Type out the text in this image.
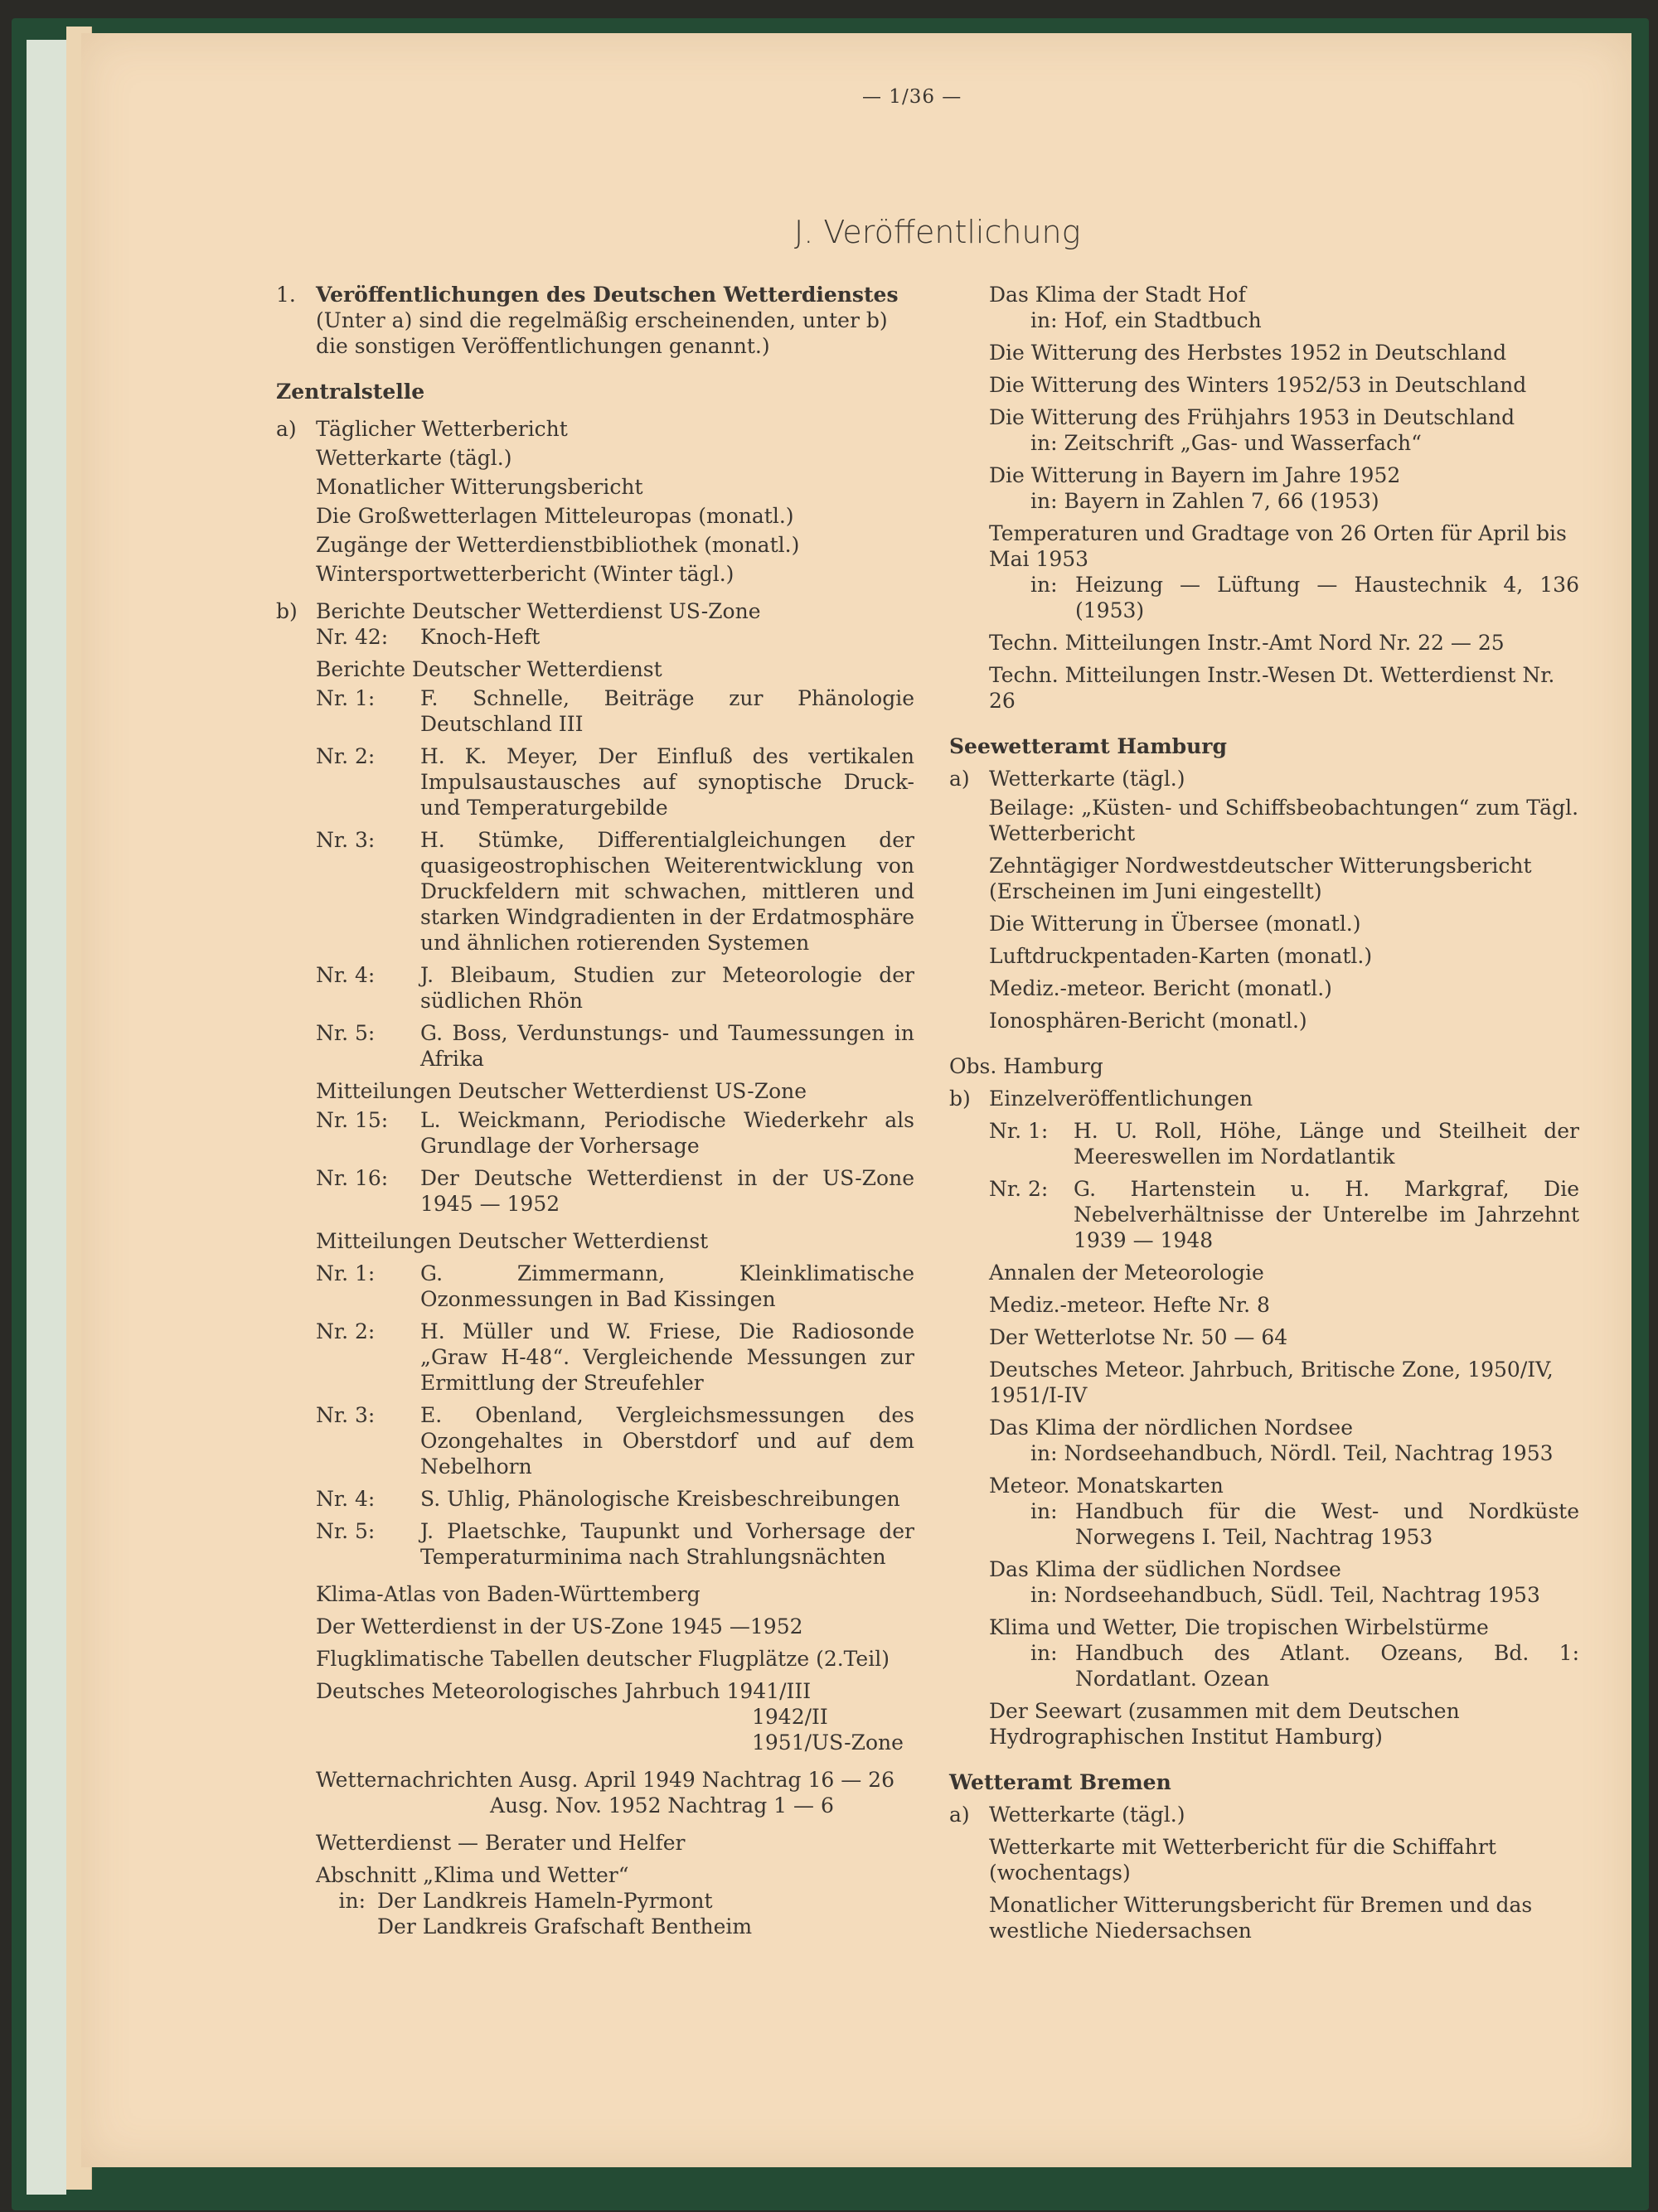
— 1/36 —
J. Veröffentlichung
1. Veröffentlichungen des Deutschen Wetterdienstes

(Unter a) sind die regelmäßig erscheinenden, unter b) die sonstigen Veröffentlichungen genannt.)

Zentralstelle

a) Täglicher Wetterbericht

Wetterkarte (tägl.)

Monatlicher Witterungsbericht

Die Großwetterlagen Mitteleuropas (monatl.)

Zugänge der Wetterdienstbibliothek (monatl.)

Wintersportwetterbericht (Winter tägl.)

b) Berichte Deutscher Wetterdienst US-Zone
Nr. 42:	Knoch-Heft

Berichte Deutscher Wetterdienst

Nr. 1:	F. Schnelle, Beiträge zur Phänologie Deutschland III
Nr. 2:	H. K. Meyer, Der Einfluß des vertikalen Impulsaustausches auf synoptische Druck- und Temperaturgebilde
Nr. 3:	H. Stümke, Differentialgleichungen der quasigeostrophischen Weiterentwicklung von Druckfeldern mit schwachen, mittleren und starken Windgradienten in der Erdatmosphäre und ähnlichen rotierenden Systemen
Nr. 4:	J. Bleibaum, Studien zur Meteorologie der südlichen Rhön
Nr. 5:	G. Boss, Verdunstungs- und Taumessungen in Afrika

Mitteilungen Deutscher Wetterdienst US-Zone

Nr. 15:	L. Weickmann, Periodische Wiederkehr als Grundlage der Vorhersage
Nr. 16:	Der Deutsche Wetterdienst in der US-Zone 1945 — 1952

Mitteilungen Deutscher Wetterdienst

Nr. 1:	G. Zimmermann, Kleinklimatische Ozonmessungen in Bad Kissingen
Nr. 2:	H. Müller und W. Friese, Die Radiosonde „Graw H-48“. Vergleichende Messungen zur Ermittlung der Streufehler
Nr. 3:	E. Obenland, Vergleichsmessungen des Ozongehaltes in Oberstdorf und auf dem Nebelhorn
Nr. 4:	S. Uhlig, Phänologische Kreisbeschreibungen
Nr. 5:	J. Plaetschke, Taupunkt und Vorhersage der Temperaturminima nach Strahlungsnächten

Klima-Atlas von Baden-Württemberg

Der Wetterdienst in der US-Zone 1945 —1952

Flugklimatische Tabellen deutscher Flugplätze (2.Teil)

Deutsches Meteorologisches Jahrbuch 1941/III

1942/II

1951/US-Zone

Wetternachrichten Ausg. April 1949 Nachtrag 16 — 26

Ausg. Nov. 1952 Nachtrag 1 — 6

Wetterdienst — Berater und Helfer

Abschnitt „Klima und Wetter“

in: Der Landkreis Hameln-Pyrmont
Der Landkreis Grafschaft Bentheim

Das Klima der Stadt Hof

in: Hof, ein Stadtbuch

Die Witterung des Herbstes 1952 in Deutschland

Die Witterung des Winters 1952/53 in Deutschland

Die Witterung des Frühjahrs 1953 in Deutschland

in: Zeitschrift „Gas- und Wasserfach“

Die Witterung in Bayern im Jahre 1952

in: Bayern in Zahlen 7, 66 (1953)

Temperaturen und Gradtage von 26 Orten für April bis Mai 1953

in: Heizung — Lüftung — Haustechnik 4, 136 (1953)

Techn. Mitteilungen Instr.-Amt Nord Nr. 22 — 25

Techn. Mitteilungen Instr.-Wesen Dt. Wetterdienst Nr. 26

Seewetteramt Hamburg

a) Wetterkarte (tägl.)

Beilage: „Küsten- und Schiffsbeobachtungen“ zum Tägl. Wetterbericht

Zehntägiger Nordwestdeutscher Witterungsbericht (Erscheinen im Juni eingestellt)

Die Witterung in Übersee (monatl.)

Luftdruckpentaden-Karten (monatl.)

Mediz.-meteor. Bericht (monatl.)

Ionosphären-Bericht (monatl.)

Obs. Hamburg

b) Einzelveröffentlichungen
Nr. 1:	H. U. Roll, Höhe, Länge und Steilheit der Meereswellen im Nordatlantik
Nr. 2:	G. Hartenstein u. H. Markgraf, Die Nebelverhältnisse der Unterelbe im Jahrzehnt 1939 — 1948

Annalen der Meteorologie

Mediz.-meteor. Hefte Nr. 8

Der Wetterlotse Nr. 50 — 64

Deutsches Meteor. Jahrbuch, Britische Zone, 1950/IV, 1951/I-IV

Das Klima der nördlichen Nordsee

in: Nordseehandbuch, Nördl. Teil, Nachtrag 1953

Meteor. Monatskarten

in: Handbuch für die West- und Nordküste Norwegens I. Teil, Nachtrag 1953

Das Klima der südlichen Nordsee

in: Nordseehandbuch, Südl. Teil, Nachtrag 1953

Klima und Wetter, Die tropischen Wirbelstürme

in: Handbuch des Atlant. Ozeans, Bd. 1: Nordatlant. Ozean

Der Seewart (zusammen mit dem Deutschen Hydrographischen Institut Hamburg)

Wetteramt Bremen

a) Wetterkarte (tägl.)

Wetterkarte mit Wetterbericht für die Schiffahrt (wochentags)

Monatlicher Witterungsbericht für Bremen und das westliche Niedersachsen
